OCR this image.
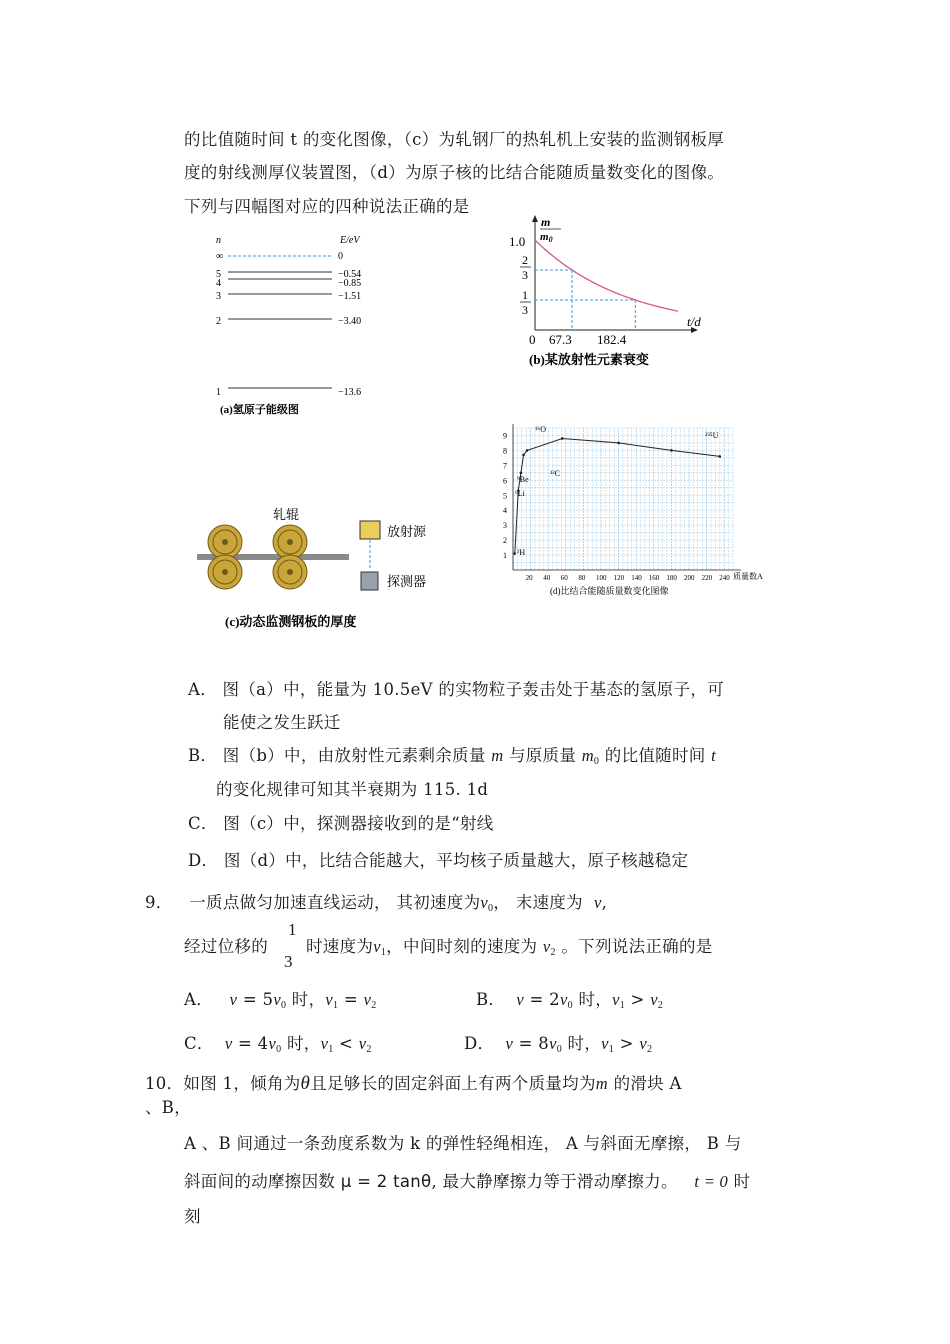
的比值随时间 t 的变化图像，（c）为轧钢厂的热轧机上安装的监测钢板厚
度的射线测厚仪装置图，（d）为原子核的比结合能随质量数变化的图像。
下列与四幅图对应的四种说法正确的是
n	E/eV
∞	0
5	−0.54
4	−0.85
3	−1.51
2	−3.40
1	−13.6
(a)氢原子能级图
m
m0
1.0
2
3
1
3
0 67.3 182.4
t/d
(b)某放射性元素衰变
轧辊
放射源
探测器
(c)动态监测钢板的厚度
1
2
3
4
5
6
7
8
9
20 40 60 80 100 120 140 160 180 200 220 240
¹⁶O
¹²C
⁹Be
⁶Li
²H
²³⁵U
质量数A
(d)比结合能随质量数变化图像
A． 图（a）中，能量为 10.5eV 的实物粒子轰击处于基态的氢原子，可
能使之发生跃迁
B． 图（b）中，由放射性元素剩余质量 m 与原质量 $m_0$ 的比值随时间 t
的变化规律可知其半衰期为 115. 1d
C． 图（c）中，探测器接收到的是“射线
D． 图（d）中，比结合能越大，平均核子质量越大，原子核越稳定
9． 一质点做匀加速直线运动， 其初速度为$v_0$， 末速度为 v,
经过位移的
1
3
时速度为$v_1$，中间时刻的速度为 $v_2$ 。下列说法正确的是
A． $v = 5v_0$ 时，$v_1 = v_2$	B． $v = 2v_0$ 时，$v_1 > v_2$
C． $v = 4v_0$ 时，$v_1 < v_2$	D． $v = 8v_0$ 时，$v_1 > v_2$
10．如图 1，倾角为θ且足够长的固定斜面上有两个质量均为m 的滑块 A
、B，
A 、B 间通过一条劲度系数为 k 的弹性轻绳相连， A 与斜面无摩擦， B 与
斜面间的动摩擦因数 μ = 2 tanθ, 最大静摩擦力等于滑动摩擦力。 t = 0 时
刻
